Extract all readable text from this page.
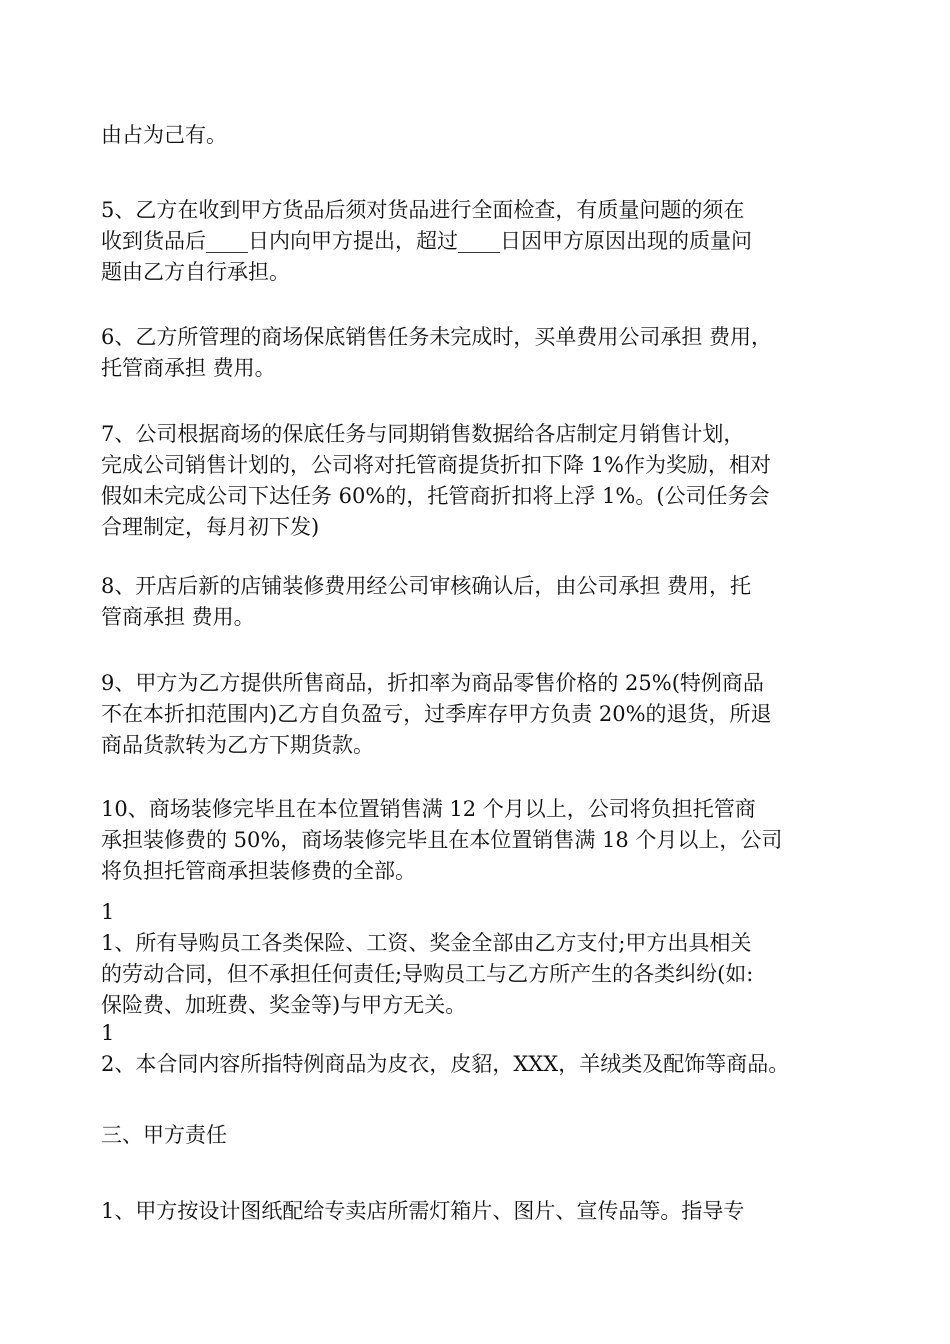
由占为己有。

5、乙方在收到甲方货品后须对货品进行全面检查，有质量问题的须在
收到货品后____日内向甲方提出，超过____日因甲方原因出现的质量问
题由乙方自行承担。

6、乙方所管理的商场保底销售任务未完成时，买单费用公司承担 费用，
托管商承担 费用。

7、公司根据商场的保底任务与同期销售数据给各店制定月销售计划，
完成公司销售计划的，公司将对托管商提货折扣下降 1%作为奖励，相对
假如未完成公司下达任务 60%的，托管商折扣将上浮 1%。(公司任务会
合理制定，每月初下发)

8、开店后新的店铺装修费用经公司审核确认后，由公司承担 费用，托
管商承担 费用。

9、甲方为乙方提供所售商品，折扣率为商品零售价格的 25%(特例商品
不在本折扣范围内)乙方自负盈亏，过季库存甲方负责 20%的退货，所退
商品货款转为乙方下期货款。

10、商场装修完毕且在本位置销售满 12 个月以上，公司将负担托管商
承担装修费的 50%，商场装修完毕且在本位置销售满 18 个月以上，公司
将负担托管商承担装修费的全部。

1
1、所有导购员工各类保险、工资、奖金全部由乙方支付;甲方出具相关
的劳动合同，但不承担任何责任;导购员工与乙方所产生的各类纠纷(如:
保险费、加班费、奖金等)与甲方无关。

1
2、本合同内容所指特例商品为皮衣，皮貂，XXX，羊绒类及配饰等商品。

三、甲方责任

1、甲方按设计图纸配给专卖店所需灯箱片、图片、宣传品等。指导专
